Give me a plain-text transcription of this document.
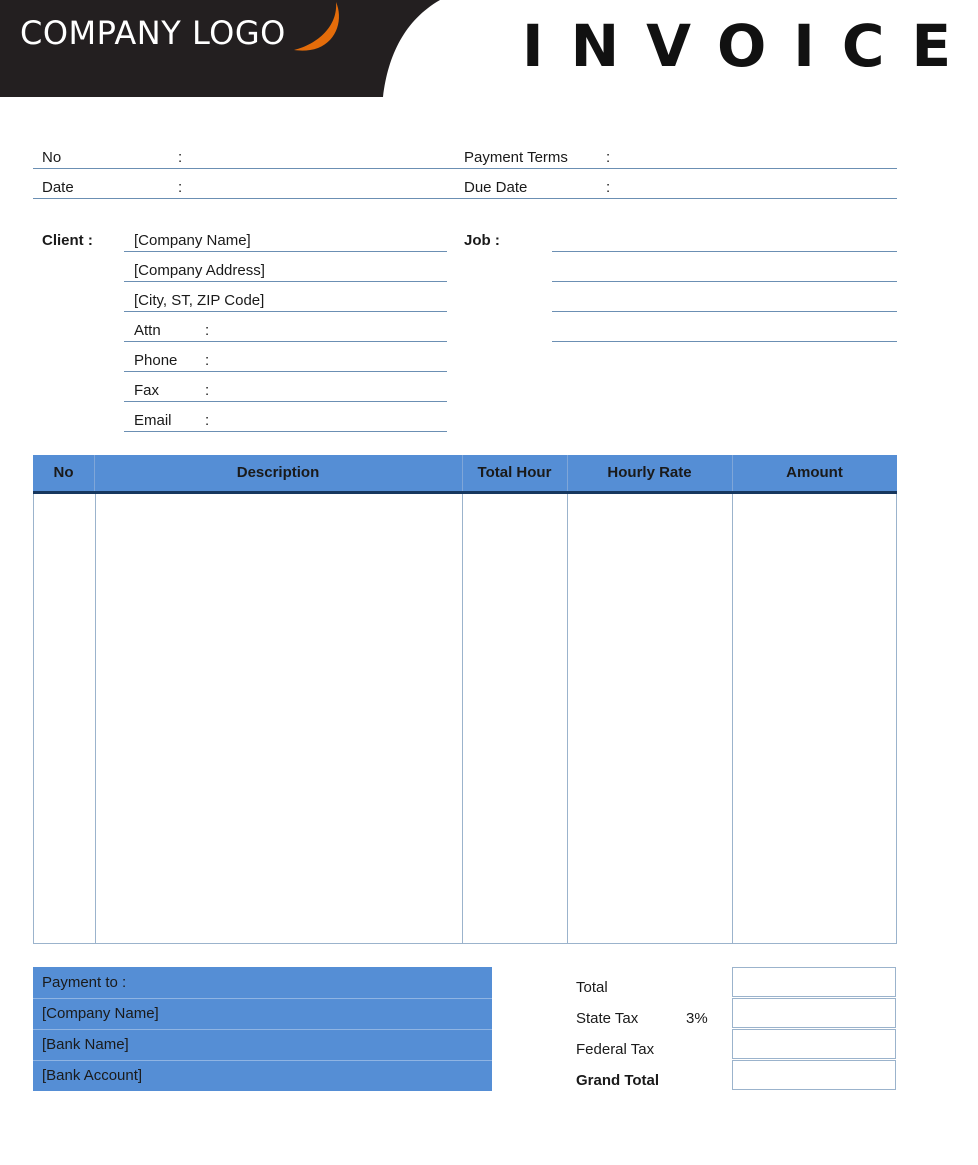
COMPANY LOGO	INVOICE
No	:	Payment Terms	:
Date	:	Due Date	:
Client :	[Company Name]
[Company Address]
[City, ST, ZIP Code]
Attn	:
Phone :
Fax	:
Email :
Job :
No	Description	Total Hour	Hourly Rate	Amount
Payment to :
[Company Name]
[Bank Name]
[Bank Account]
Total
State Tax	3%
Federal Tax
Grand Total
